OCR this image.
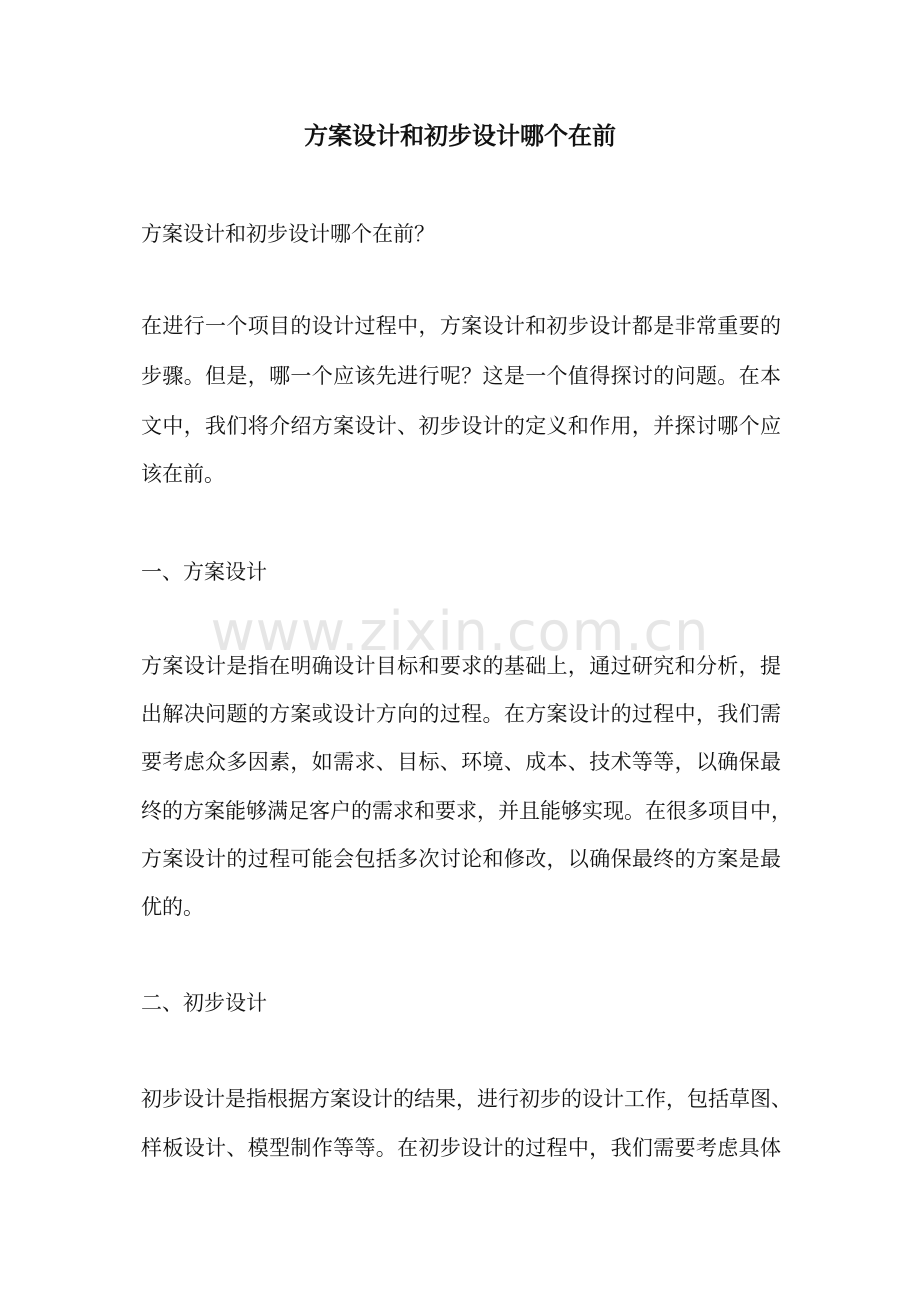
方案设计和初步设计哪个在前
方案设计和初步设计哪个在前？
在进行一个项目的设计过程中，方案设计和初步设计都是非常重要的
步骤。但是，哪一个应该先进行呢？这是一个值得探讨的问题。在本
文中，我们将介绍方案设计、初步设计的定义和作用，并探讨哪个应
该在前。
一、方案设计
www.zixin.com.cn
方案设计是指在明确设计目标和要求的基础上，通过研究和分析，提
出解决问题的方案或设计方向的过程。在方案设计的过程中，我们需
要考虑众多因素，如需求、目标、环境、成本、技术等等，以确保最
终的方案能够满足客户的需求和要求，并且能够实现。在很多项目中，
方案设计的过程可能会包括多次讨论和修改，以确保最终的方案是最
优的。
二、初步设计
初步设计是指根据方案设计的结果，进行初步的设计工作，包括草图、
样板设计、模型制作等等。在初步设计的过程中，我们需要考虑具体
